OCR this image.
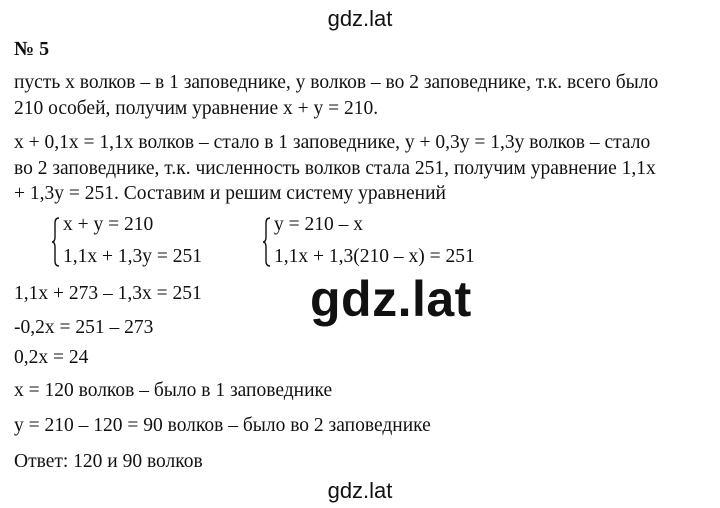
gdz.lat
№ 5
пусть х волков – в 1 заповеднике, у волков – во 2 заповеднике, т.к. всего было
210 особей, получим уравнение х + у = 210.
х + 0,1х = 1,1х волков – стало в 1 заповеднике, у + 0,3у = 1,3у волков – стало
во 2 заповеднике, т.к. численность волков стала 251, получим уравнение 1,1х
+ 1,3у = 251. Составим и решим систему уравнений
х + у = 210
1,1х + 1,3у = 251
у = 210 – х
1,1х + 1,3(210 – х) = 251
1,1х + 273 – 1,3х = 251
-0,2х = 251 – 273
0,2х = 24
х = 120 волков – было в 1 заповеднике
у = 210 – 120 = 90 волков – было во 2 заповеднике
Ответ: 120 и 90 волков
gdz.lat
gdz.lat
